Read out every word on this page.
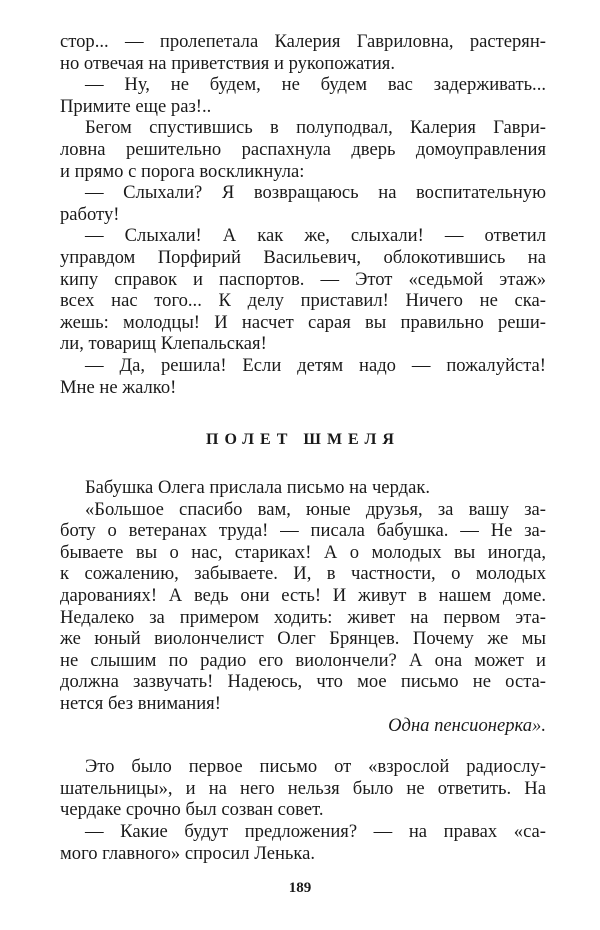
стор... — пролепетала Калерия Гавриловна, растерян-
но отвечая на приветствия и рукопожатия.
— Ну, не будем, не будем вас задерживать...
Примите еще раз!..
Бегом спустившись в полуподвал, Калерия Гаври-
ловна решительно распахнула дверь домоуправления
и прямо с порога воскликнула:
— Слыхали? Я возвращаюсь на воспитательную
работу!
— Слыхали! А как же, слыхали! — ответил
управдом Порфирий Васильевич, облокотившись на
кипу справок и паспортов. — Этот «седьмой этаж»
всех нас того... К делу приставил! Ничего не ска-
жешь: молодцы! И насчет сарая вы правильно реши-
ли, товарищ Клепальская!
— Да, решила! Если детям надо — пожалуйста!
Мне не жалко!
ПОЛЕТ ШМЕЛЯ
Бабушка Олега прислала письмо на чердак.
«Большое спасибо вам, юные друзья, за вашу за-
боту о ветеранах труда! — писала бабушка. — Не за-
бываете вы о нас, стариках! А о молодых вы иногда,
к сожалению, забываете. И, в частности, о молодых
дарованиях! А ведь они есть! И живут в нашем доме.
Недалеко за примером ходить: живет на первом эта-
же юный виолончелист Олег Брянцев. Почему же мы
не слышим по радио его виолончели? А она может и
должна зазвучать! Надеюсь, что мое письмо не оста-
нется без внимания!
Одна пенсионерка».
Это было первое письмо от «взрослой радиослу-
шательницы», и на него нельзя было не ответить. На
чердаке срочно был созван совет.
— Какие будут предложения? — на правах «са-
мого главного» спросил Ленька.
189
